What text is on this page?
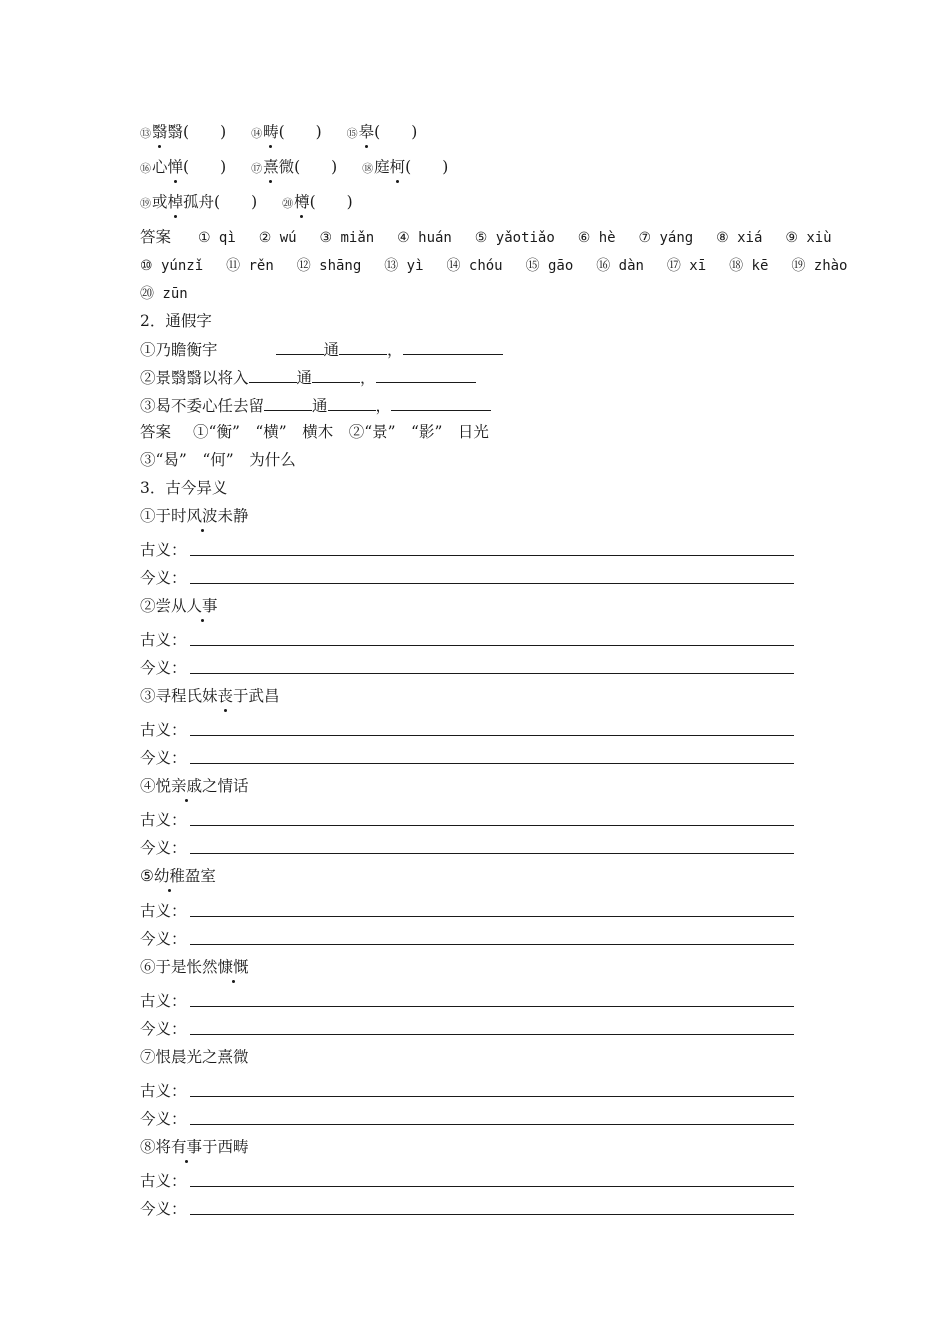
⑬翳翳(　　) ⑭畴(　　) ⑮皋(　　)
⑯心惮(　　) ⑰熹微(　　) ⑱庭柯(　　)
⑲或棹孤舟(　　) ⑳樽(　　)
答案 ① qì ② wú ③ miǎn ④ huán ⑤ yǎotiǎo ⑥ hè ⑦ yáng ⑧ xiá ⑨ xiù
⑩ yúnzǐ ⑪ rěn ⑫ shāng ⑬ yì ⑭ chóu ⑮ gāo ⑯ dàn ⑰ xī ⑱ kē ⑲ zhào
⑳ zūn
2．通假字
①乃瞻衡宇	通	，
②景翳翳以将入	通	，
③曷不委心任去留	通	，
答案 ①“衡”　“横”　横木　②“景”　“影”　日光
③“曷”　“何”　为什么
3．古今异义
①于时风波未静
古义：
今义：
②尝从人事
古义：
今义：
③寻程氏妹丧于武昌
古义：
今义：
④悦亲戚之情话
古义：
今义：
⑤幼稚盈室
古义：
今义：
⑥于是怅然慷慨
古义：
今义：
⑦恨晨光之熹微
古义：
今义：
⑧将有事于西畴
古义：
今义：
